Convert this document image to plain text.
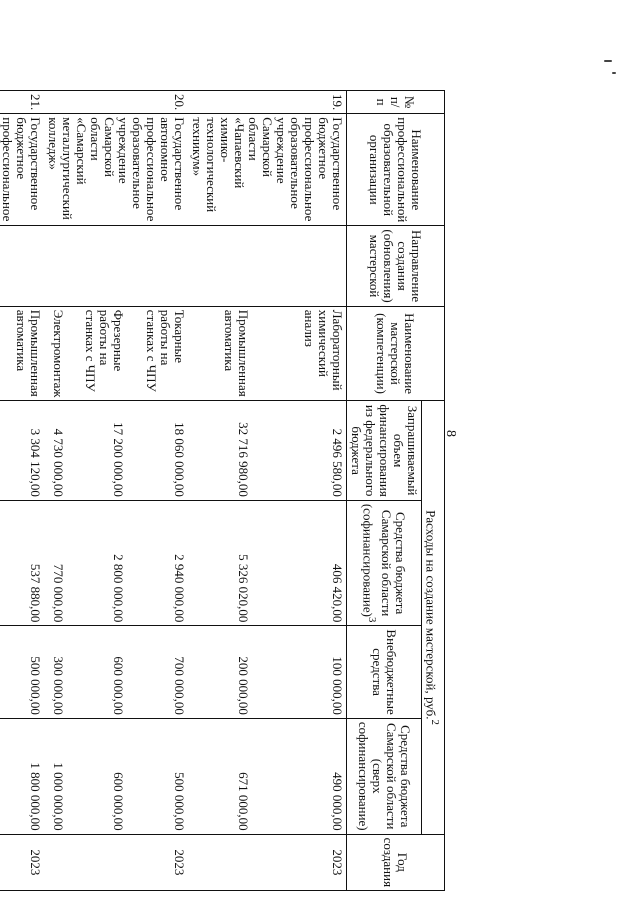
8
№ п/п	Наименование профессиональной образовательной организации	Направление создания (обновления) мастерской	Наименование мастерской (компетенции)	Расходы на создание мастерской, руб.$^2$				Год создания
				Запрашиваемый объем финансирования из федерального бюджета	Средства бюджета Самарской области (софинансирование)$^3$	Внебюджетные средства	Средства бюджета Самарской области (сверх софинансирование)	
19.	Государственное бюджетное профессиональное образовательное учреждение Самарской области «Чапаевский химико-технологический техникум»		Лабораторный химический анализ	2 496 580,00	406 420,00	100 000,00	490 000,00	2023
			Промышленная автоматика	32 716 980,00	5 326 020,00	200 000,00	671 000,00	
20.	Государственное автономное профессиональное образовательное учреждение Самарской области «Самарский металлургический колледж»		Токарные работы на станках с ЧПУ	18 060 000,00	2 940 000,00	700 000,00	500 000,00	2023
			Фрезерные работы на станках с ЧПУ	17 200 000,00	2 800 000,00	600 000,00	600 000,00	
			Электромонтаж	4 730 000,00	770 000,00	300 000,00	1 000 000,00	
21.	Государственное бюджетное профессиональное		Промышленная автоматика	3 304 120,00	537 880,00	500 000,00	1 800 000,00	2023
